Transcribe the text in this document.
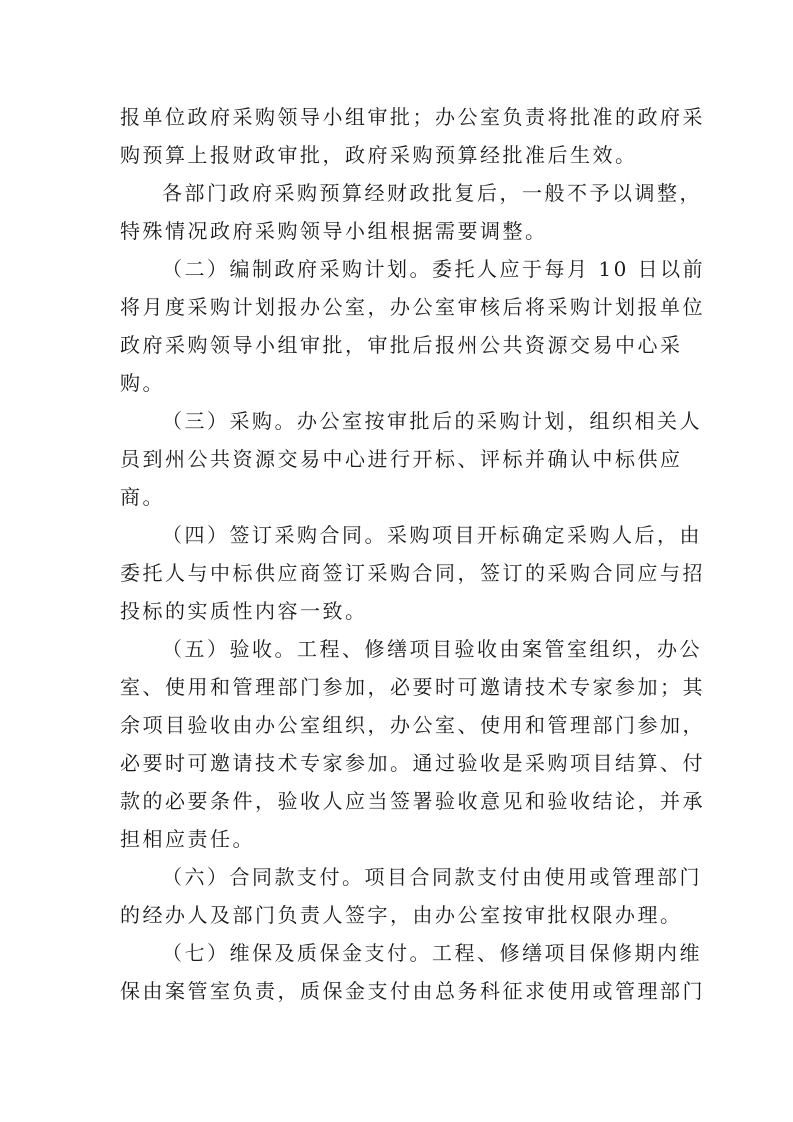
报单位政府采购领导小组审批；办公室负责将批准的政府采
购预算上报财政审批，政府采购预算经批准后生效。
各部门政府采购预算经财政批复后，一般不予以调整，
特殊情况政府采购领导小组根据需要调整。
（二）编制政府采购计划。委托人应于每月 10 日以前
将月度采购计划报办公室，办公室审核后将采购计划报单位
政府采购领导小组审批，审批后报州公共资源交易中心采
购。
（三）采购。办公室按审批后的采购计划，组织相关人
员到州公共资源交易中心进行开标、评标并确认中标供应
商。
（四）签订采购合同。采购项目开标确定采购人后，由
委托人与中标供应商签订采购合同，签订的采购合同应与招
投标的实质性内容一致。
（五）验收。工程、修缮项目验收由案管室组织，办公
室、使用和管理部门参加，必要时可邀请技术专家参加；其
余项目验收由办公室组织，办公室、使用和管理部门参加，
必要时可邀请技术专家参加。通过验收是采购项目结算、付
款的必要条件，验收人应当签署验收意见和验收结论，并承
担相应责任。
（六）合同款支付。项目合同款支付由使用或管理部门
的经办人及部门负责人签字，由办公室按审批权限办理。
（七）维保及质保金支付。工程、修缮项目保修期内维
保由案管室负责，质保金支付由总务科征求使用或管理部门
